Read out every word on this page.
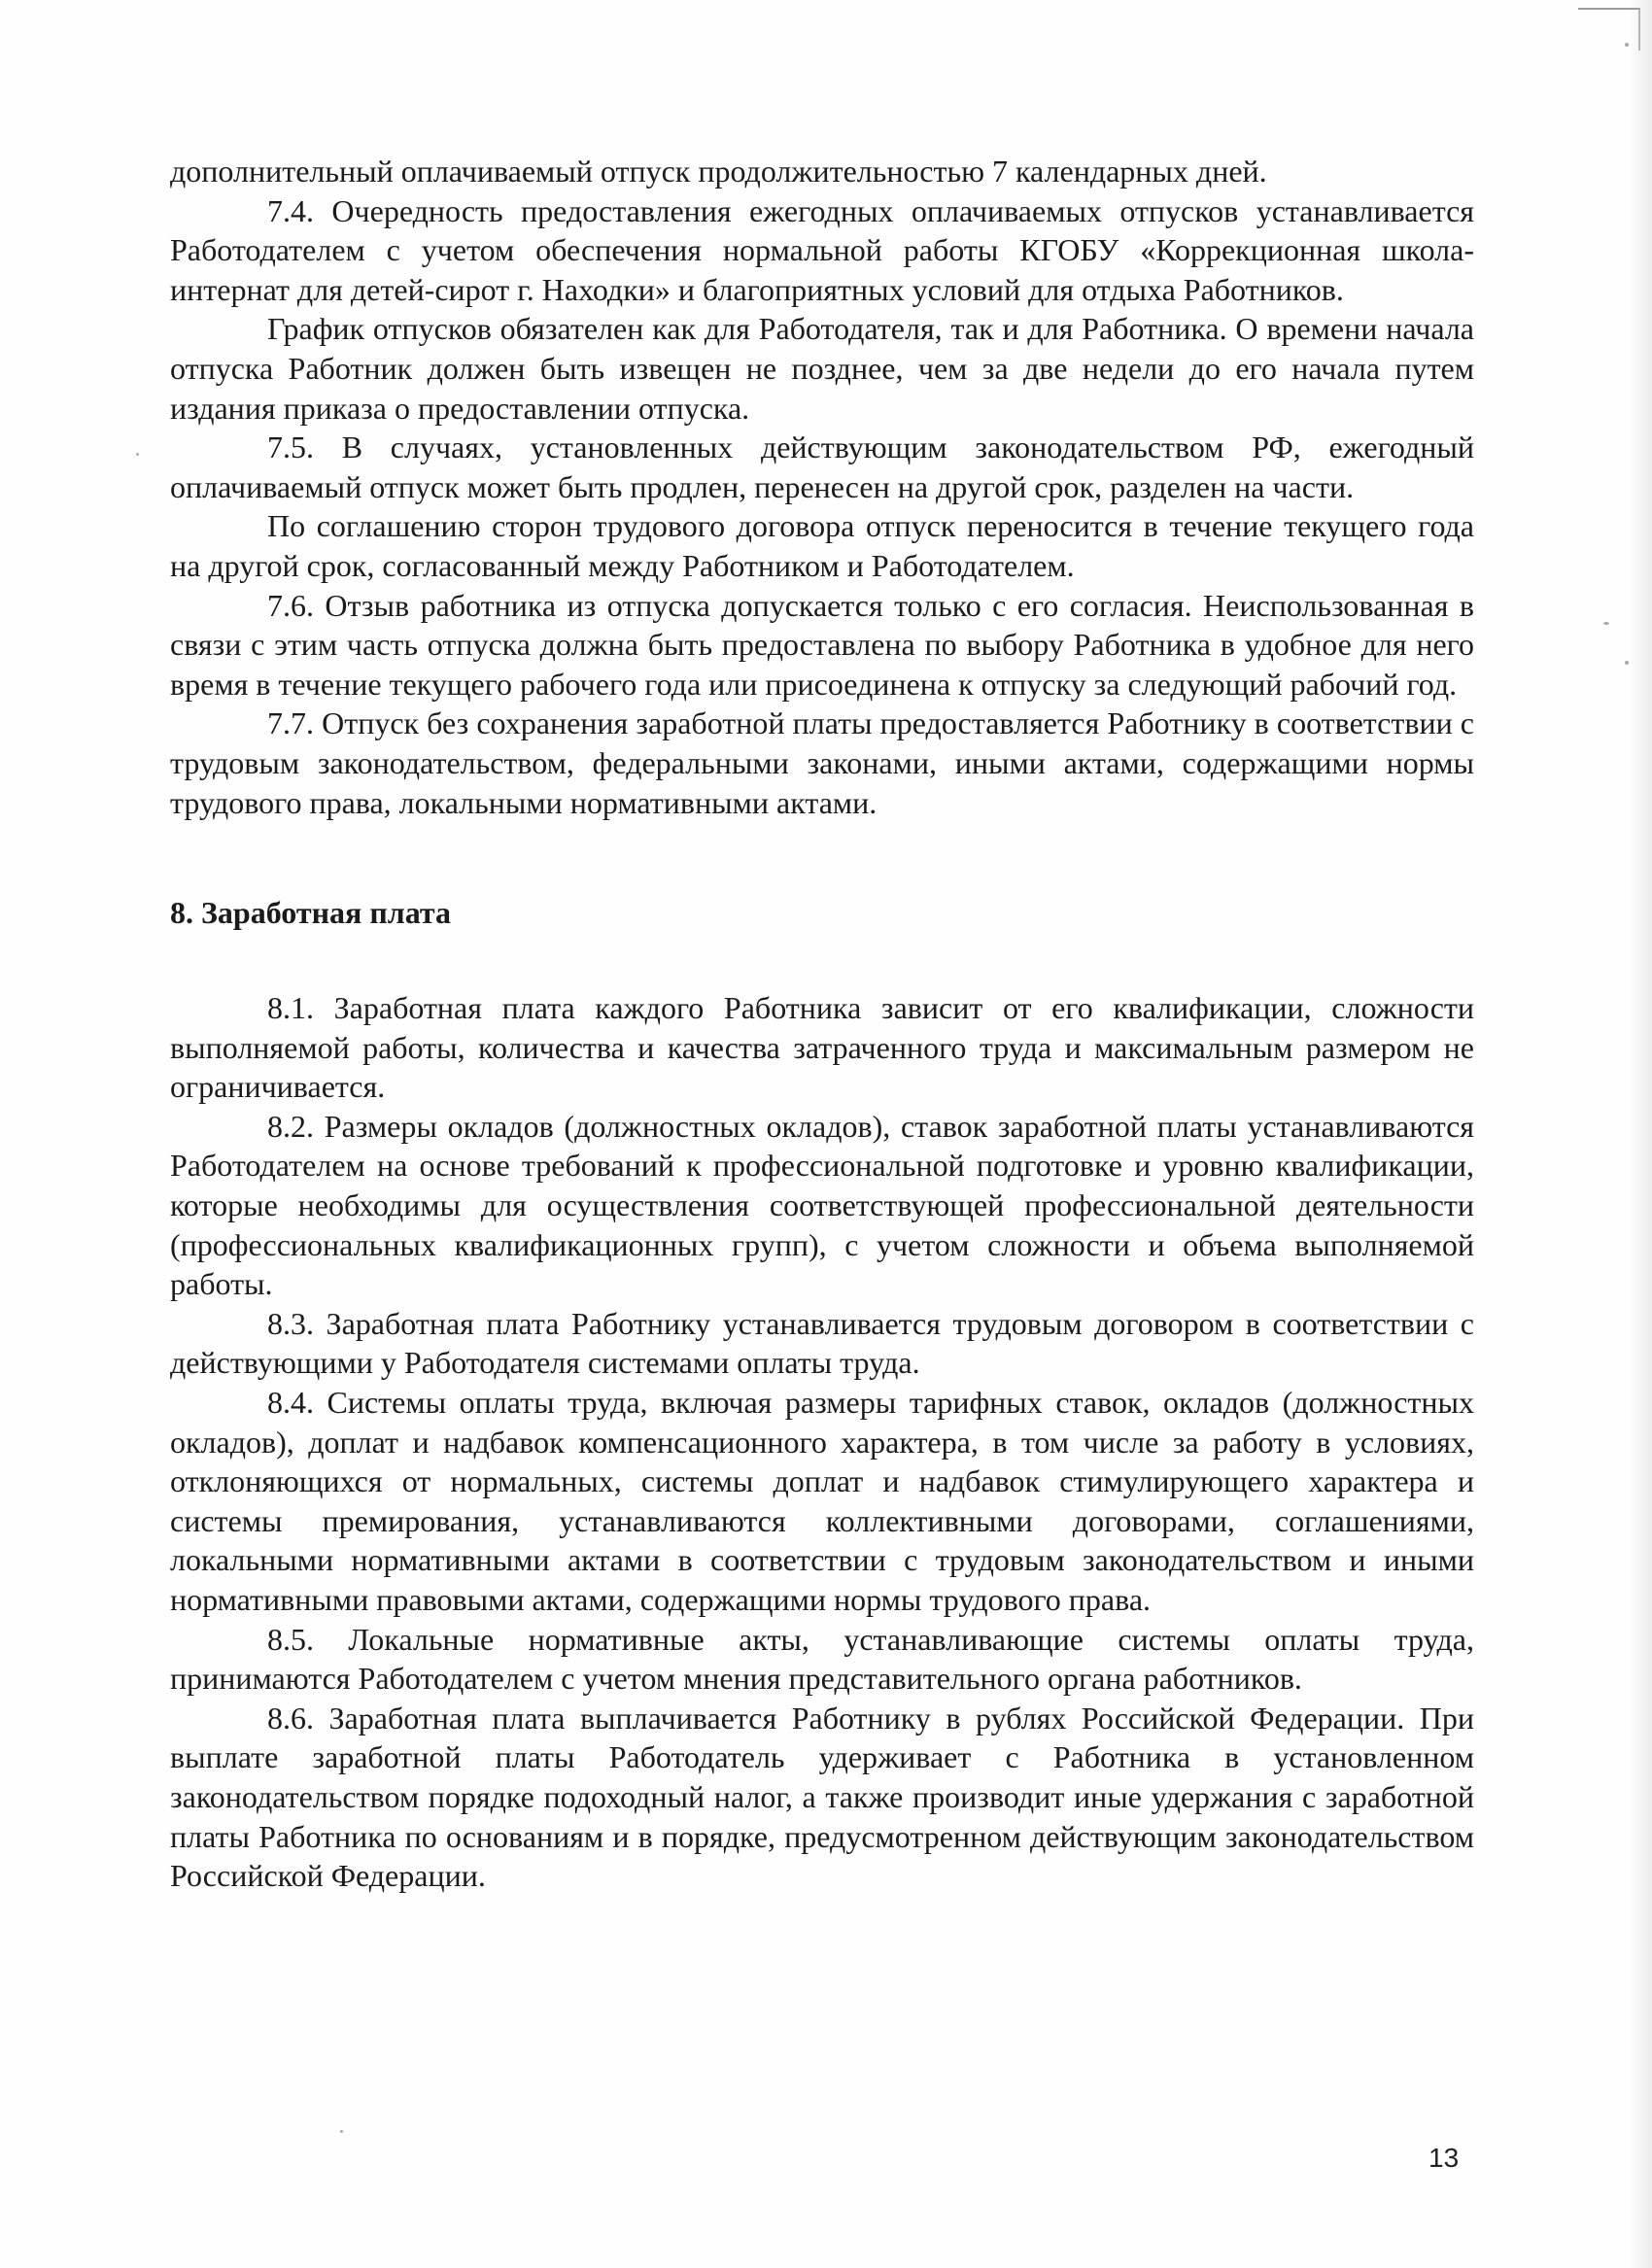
дополнительный оплачиваемый отпуск продолжительностью 7 календарных дней.

7.4. Очередность предоставления ежегодных оплачиваемых отпусков устанавливается Работодателем с учетом обеспечения нормальной работы КГОБУ «Коррекционная школа-интернат для детей-сирот г. Находки» и благоприятных условий для отдыха Работников.

График отпусков обязателен как для Работодателя, так и для Работника. О времени начала отпуска Работник должен быть извещен не позднее, чем за две недели до его начала путем издания приказа о предоставлении отпуска.

7.5. В случаях, установленных действующим законодательством РФ, ежегодный оплачиваемый отпуск может быть продлен, перенесен на другой срок, разделен на части.

По соглашению сторон трудового договора отпуск переносится в течение текущего года на другой срок, согласованный между Работником и Работодателем.

7.6. Отзыв работника из отпуска допускается только с его согласия. Неиспользованная в связи с этим часть отпуска должна быть предоставлена по выбору Работника в удобное для него время в течение текущего рабочего года или присоединена к отпуску за следующий рабочий год.

7.7. Отпуск без сохранения заработной платы предоставляется Работнику в соответствии с трудовым законодательством, федеральными законами, иными актами, содержащими нормы трудового права, локальными нормативными актами.

8. Заработная плата

8.1. Заработная плата каждого Работника зависит от его квалификации, сложности выполняемой работы, количества и качества затраченного труда и максимальным размером не ограничивается.

8.2. Размеры окладов (должностных окладов), ставок заработной платы устанавливаются Работодателем на основе требований к профессиональной подготовке и уровню квалификации, которые необходимы для осуществления соответствующей профессиональной деятельности (профессиональных квалификационных групп), с учетом сложности и объема выполняемой работы.

8.3. Заработная плата Работнику устанавливается трудовым договором в соответствии с действующими у Работодателя системами оплаты труда.

8.4. Системы оплаты труда, включая размеры тарифных ставок, окладов (должностных окладов), доплат и надбавок компенсационного характера, в том числе за работу в условиях, отклоняющихся от нормальных, системы доплат и надбавок стимулирующего характера и системы премирования, устанавливаются коллективными договорами, соглашениями, локальными нормативными актами в соответствии с трудовым законодательством и иными нормативными правовыми актами, содержащими нормы трудового права.

8.5. Локальные нормативные акты, устанавливающие системы оплаты труда, принимаются Работодателем с учетом мнения представительного органа работников.

8.6. Заработная плата выплачивается Работнику в рублях Российской Федерации. При выплате заработной платы Работодатель удерживает с Работника в установленном законодательством порядке подоходный налог, а также производит иные удержания с заработной платы Работника по основаниям и в порядке, предусмотренном действующим законодательством Российской Федерации.

13
